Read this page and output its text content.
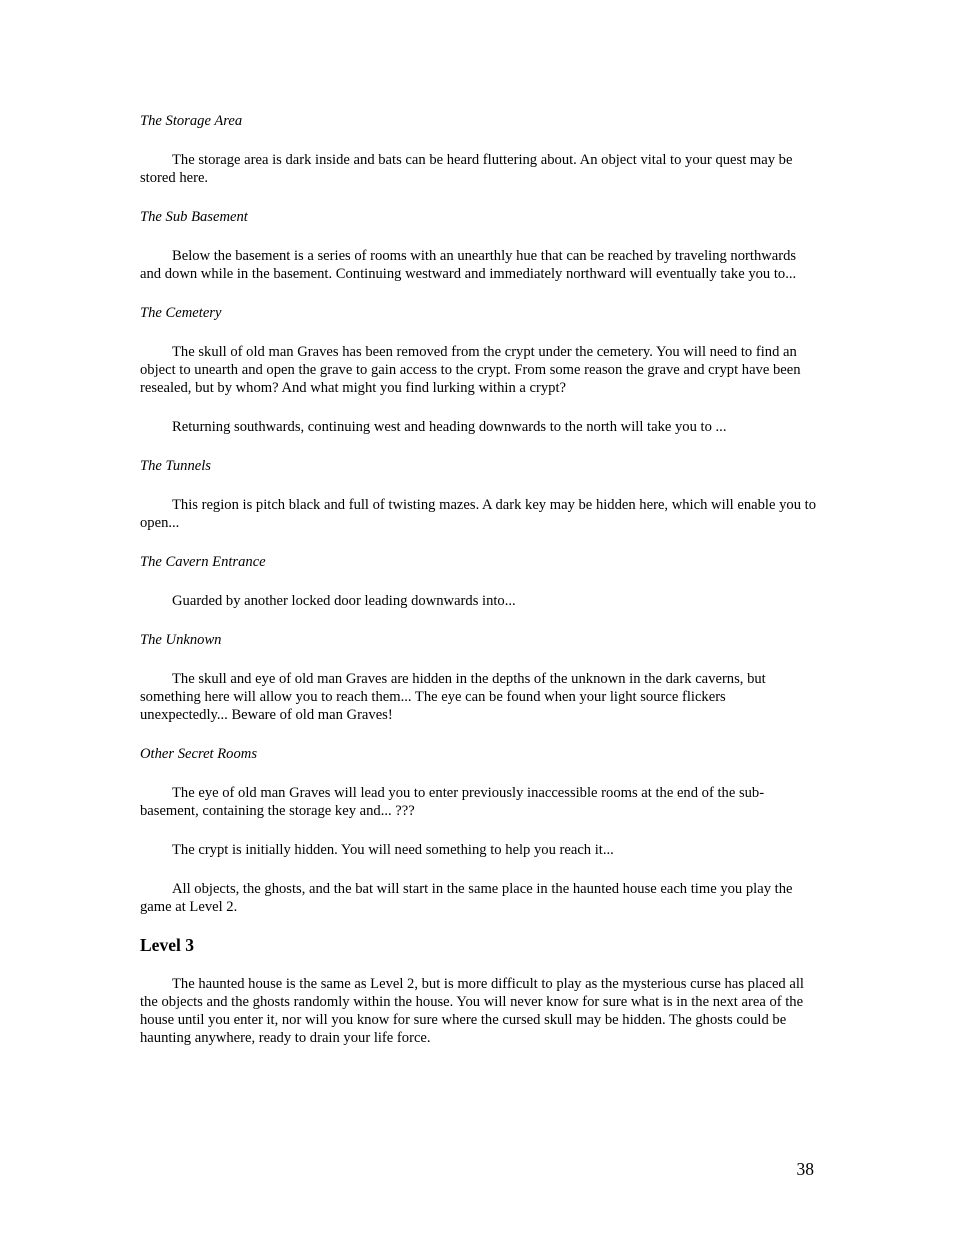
The Storage Area

The storage area is dark inside and bats can be heard fluttering about. An object vital to your quest may be stored here.

The Sub Basement

Below the basement is a series of rooms with an unearthly hue that can be reached by traveling northwards and down while in the basement. Continuing westward and immediately northward will eventually take you to...

The Cemetery

The skull of old man Graves has been removed from the crypt under the cemetery. You will need to find an object to unearth and open the grave to gain access to the crypt. From some reason the grave and crypt have been resealed, but by whom? And what might you find lurking within a crypt?

Returning southwards, continuing west and heading downwards to the north will take you to ...

The Tunnels

This region is pitch black and full of twisting mazes. A dark key may be hidden here, which will enable you to open...

The Cavern Entrance

Guarded by another locked door leading downwards into...

The Unknown

The skull and eye of old man Graves are hidden in the depths of the unknown in the dark caverns, but something here will allow you to reach them... The eye can be found when your light source flickers unexpectedly... Beware of old man Graves!

Other Secret Rooms

The eye of old man Graves will lead you to enter previously inaccessible rooms at the end of the sub-basement, containing the storage key and... ???

The crypt is initially hidden. You will need something to help you reach it...

All objects, the ghosts, and the bat will start in the same place in the haunted house each time you play the game at Level 2.

Level 3

The haunted house is the same as Level 2, but is more difficult to play as the mysterious curse has placed all the objects and the ghosts randomly within the house. You will never know for sure what is in the next area of the house until you enter it, nor will you know for sure where the cursed skull may be hidden. The ghosts could be haunting anywhere, ready to drain your life force.

38
